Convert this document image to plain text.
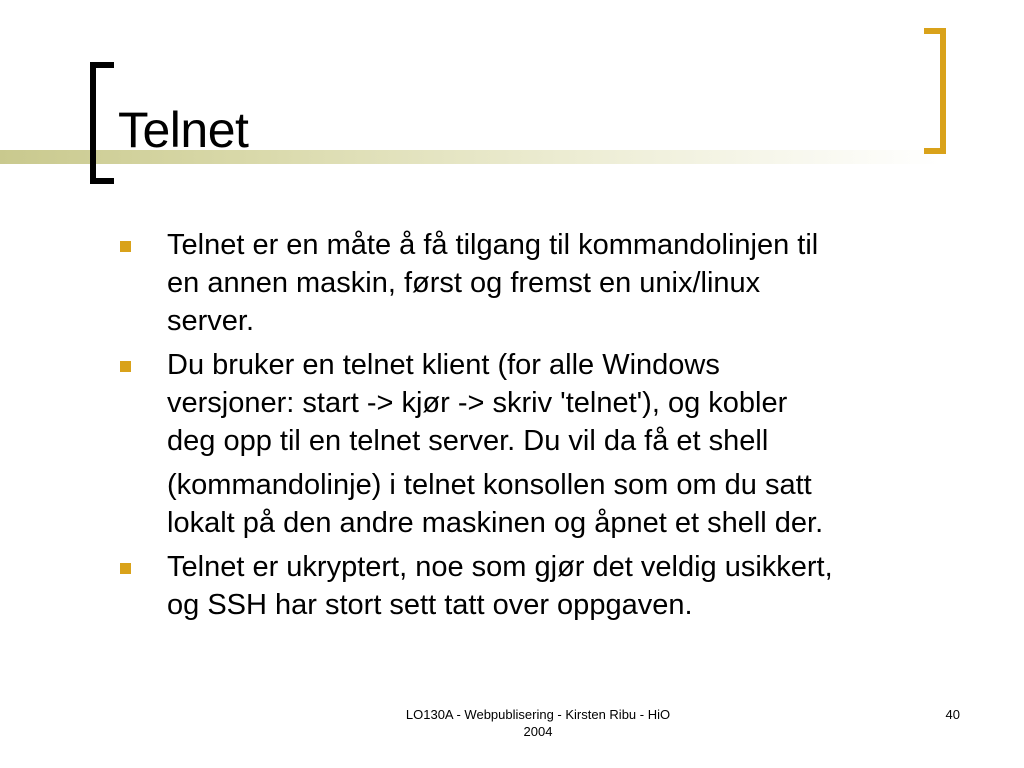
Telnet
Telnet er en måte å få tilgang til kommandolinjen til
en annen maskin, først og fremst en unix/linux
server.
Du bruker en telnet klient (for alle Windows
versjoner: start -> kjør -> skriv 'telnet'), og kobler
deg opp til en telnet server. Du vil da få et shell
(kommandolinje) i telnet konsollen som om du satt
lokalt på den andre maskinen og åpnet et shell der.
Telnet er ukryptert, noe som gjør det veldig usikkert,
og SSH har stort sett tatt over oppgaven.
LO130A - Webpublisering - Kirsten Ribu - HiO
2004
40
